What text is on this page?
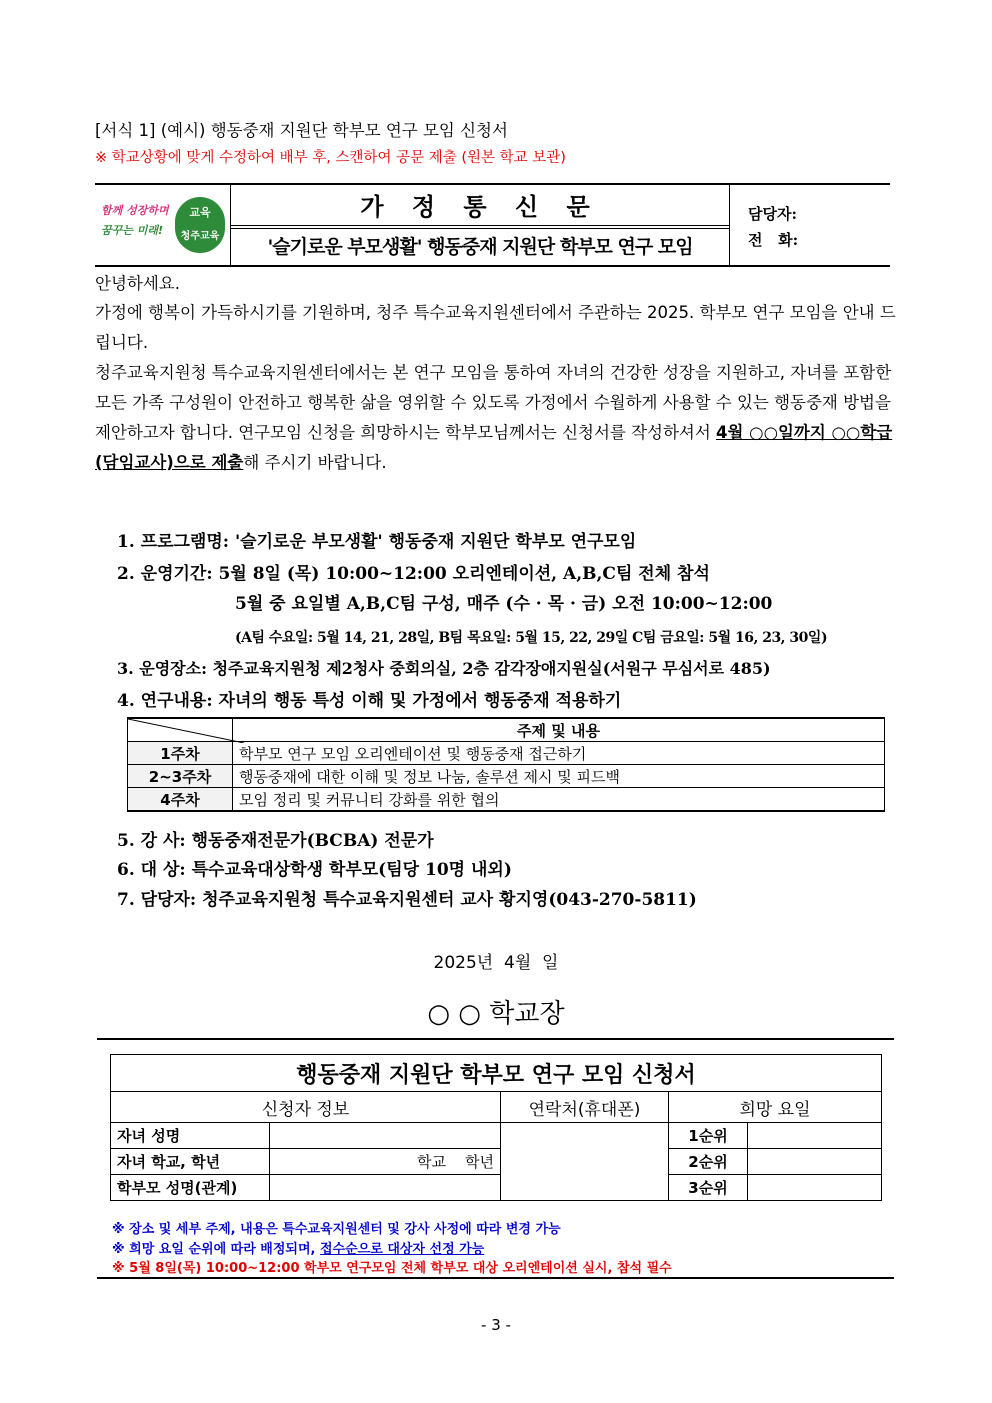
[서식 1] (예시) 행동중재 지원단 학부모 연구 모임 신청서
※ 학교상황에 맞게 수정하여 배부 후, 스캔하여 공문 제출 (원본 학교 보관)
함께 성장하며
꿈꾸는 미래!
교육
청주교육
가 정 통 신 문
'슬기로운 부모생활' 행동중재 지원단 학부모 연구 모임
담당자:
전   화:
안녕하세요.
가정에 행복이 가득하시기를 기원하며, 청주 특수교육지원센터에서 주관하는 2025. 학부모 연구 모임을 안내 드립니다.
청주교육지원청 특수교육지원센터에서는 본 연구 모임을 통하여 자녀의 건강한 성장을 지원하고, 자녀를 포함한 모든 가족 구성원이 안전하고 행복한 삶을 영위할 수 있도록 가정에서 수월하게 사용할 수 있는 행동중재 방법을 제안하고자 합니다. 연구모임 신청을 희망하시는 학부모님께서는 신청서를 작성하셔서 4월 ○○일까지 ○○학급(담임교사)으로 제출해 주시기 바랍니다.
1. 프로그램명: '슬기로운 부모생활' 행동중재 지원단 학부모 연구모임
2. 운영기간: 5월 8일 (목) 10:00~12:00 오리엔테이션, A,B,C팀 전체 참석
5월 중 요일별 A,B,C팀 구성, 매주 (수 · 목 · 금) 오전 10:00~12:00
(A팀 수요일: 5월 14, 21, 28일, B팀 목요일: 5월 15, 22, 29일 C팀 금요일: 5월 16, 23, 30일)
3. 운영장소: 청주교육지원청 제2청사 중회의실, 2층 감각장애지원실(서원구 무심서로 485)
4. 연구내용: 자녀의 행동 특성 이해 및 가정에서 행동중재 적용하기
	주제 및 내용
1주차	학부모 연구 모임 오리엔테이션 및 행동중재 접근하기
2~3주차	행동중재에 대한 이해 및 정보 나눔, 솔루션 제시 및 피드백
4주차	모임 정리 및 커뮤니티 강화를 위한 협의
5. 강 사: 행동중재전문가(BCBA) 전문가
6. 대 상: 특수교육대상학생 학부모(팀당 10명 내외)
7. 담당자: 청주교육지원청 특수교육지원센터 교사 황지영(043-270-5811)
2025년  4월  일
○ ○ 학교장
행동중재 지원단 학부모 연구 모임 신청서				
신청자 정보		연락처(휴대폰)	희망 요일	
자녀 성명			1순위	
자녀 학교, 학년	학교    학년		2순위	
학부모 성명(관계)			3순위	
※ 장소 및 세부 주제, 내용은 특수교육지원센터 및 강사 사정에 따라 변경 가능
※ 희망 요일 순위에 따라 배정되며, 접수순으로 대상자 선정 가능
※ 5월 8일(목) 10:00~12:00 학부모 연구모임 전체 학부모 대상 오리엔테이션 실시, 참석 필수
- 3 -
